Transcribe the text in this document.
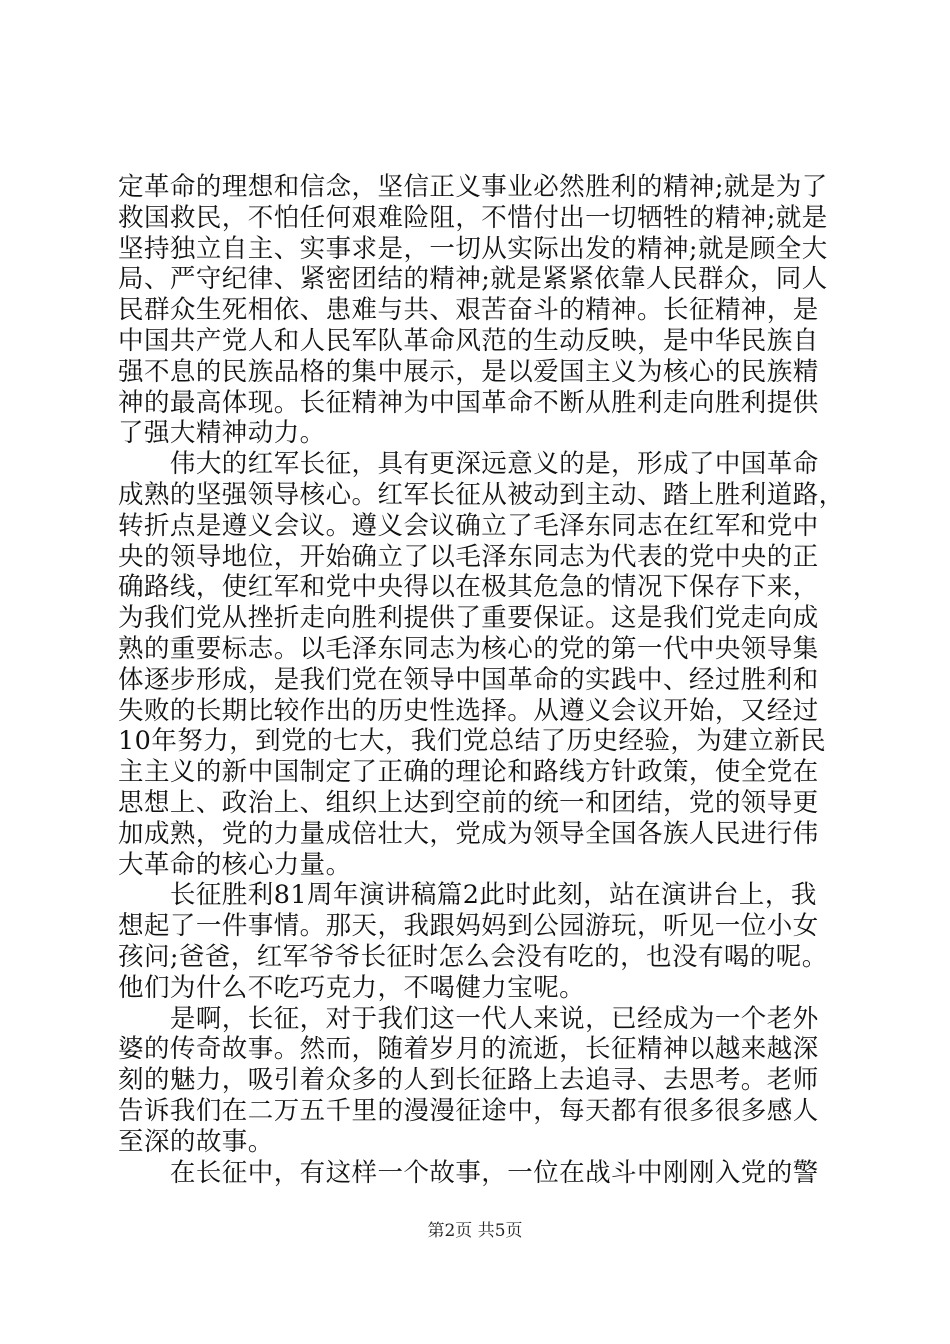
定革命的理想和信念，坚信正义事业必然胜利的精神;就是为了
救国救民，不怕任何艰难险阻，不惜付出一切牺牲的精神;就是
坚持独立自主、实事求是，一切从实际出发的精神;就是顾全大
局、严守纪律、紧密团结的精神;就是紧紧依靠人民群众，同人
民群众生死相依、患难与共、艰苦奋斗的精神。长征精神，是
中国共产党人和人民军队革命风范的生动反映，是中华民族自
强不息的民族品格的集中展示，是以爱国主义为核心的民族精
神的最高体现。长征精神为中国革命不断从胜利走向胜利提供
了强大精神动力。
　　伟大的红军长征，具有更深远意义的是，形成了中国革命
成熟的坚强领导核心。红军长征从被动到主动、踏上胜利道路，
转折点是遵义会议。遵义会议确立了毛泽东同志在红军和党中
央的领导地位，开始确立了以毛泽东同志为代表的党中央的正
确路线，使红军和党中央得以在极其危急的情况下保存下来，
为我们党从挫折走向胜利提供了重要保证。这是我们党走向成
熟的重要标志。以毛泽东同志为核心的党的第一代中央领导集
体逐步形成，是我们党在领导中国革命的实践中、经过胜利和
失败的长期比较作出的历史性选择。从遵义会议开始，又经过
10年努力，到党的七大，我们党总结了历史经验，为建立新民
主主义的新中国制定了正确的理论和路线方针政策，使全党在
思想上、政治上、组织上达到空前的统一和团结，党的领导更
加成熟，党的力量成倍壮大，党成为领导全国各族人民进行伟
大革命的核心力量。
　　长征胜利81周年演讲稿篇2此时此刻，站在演讲台上，我
想起了一件事情。那天，我跟妈妈到公园游玩，听见一位小女
孩问;爸爸，红军爷爷长征时怎么会没有吃的，也没有喝的呢。
他们为什么不吃巧克力，不喝健力宝呢。
　　是啊，长征，对于我们这一代人来说，已经成为一个老外
婆的传奇故事。然而，随着岁月的流逝，长征精神以越来越深
刻的魅力，吸引着众多的人到长征路上去追寻、去思考。老师
告诉我们在二万五千里的漫漫征途中，每天都有很多很多感人
至深的故事。
　　在长征中，有这样一个故事，一位在战斗中刚刚入党的警
第2页 共5页
